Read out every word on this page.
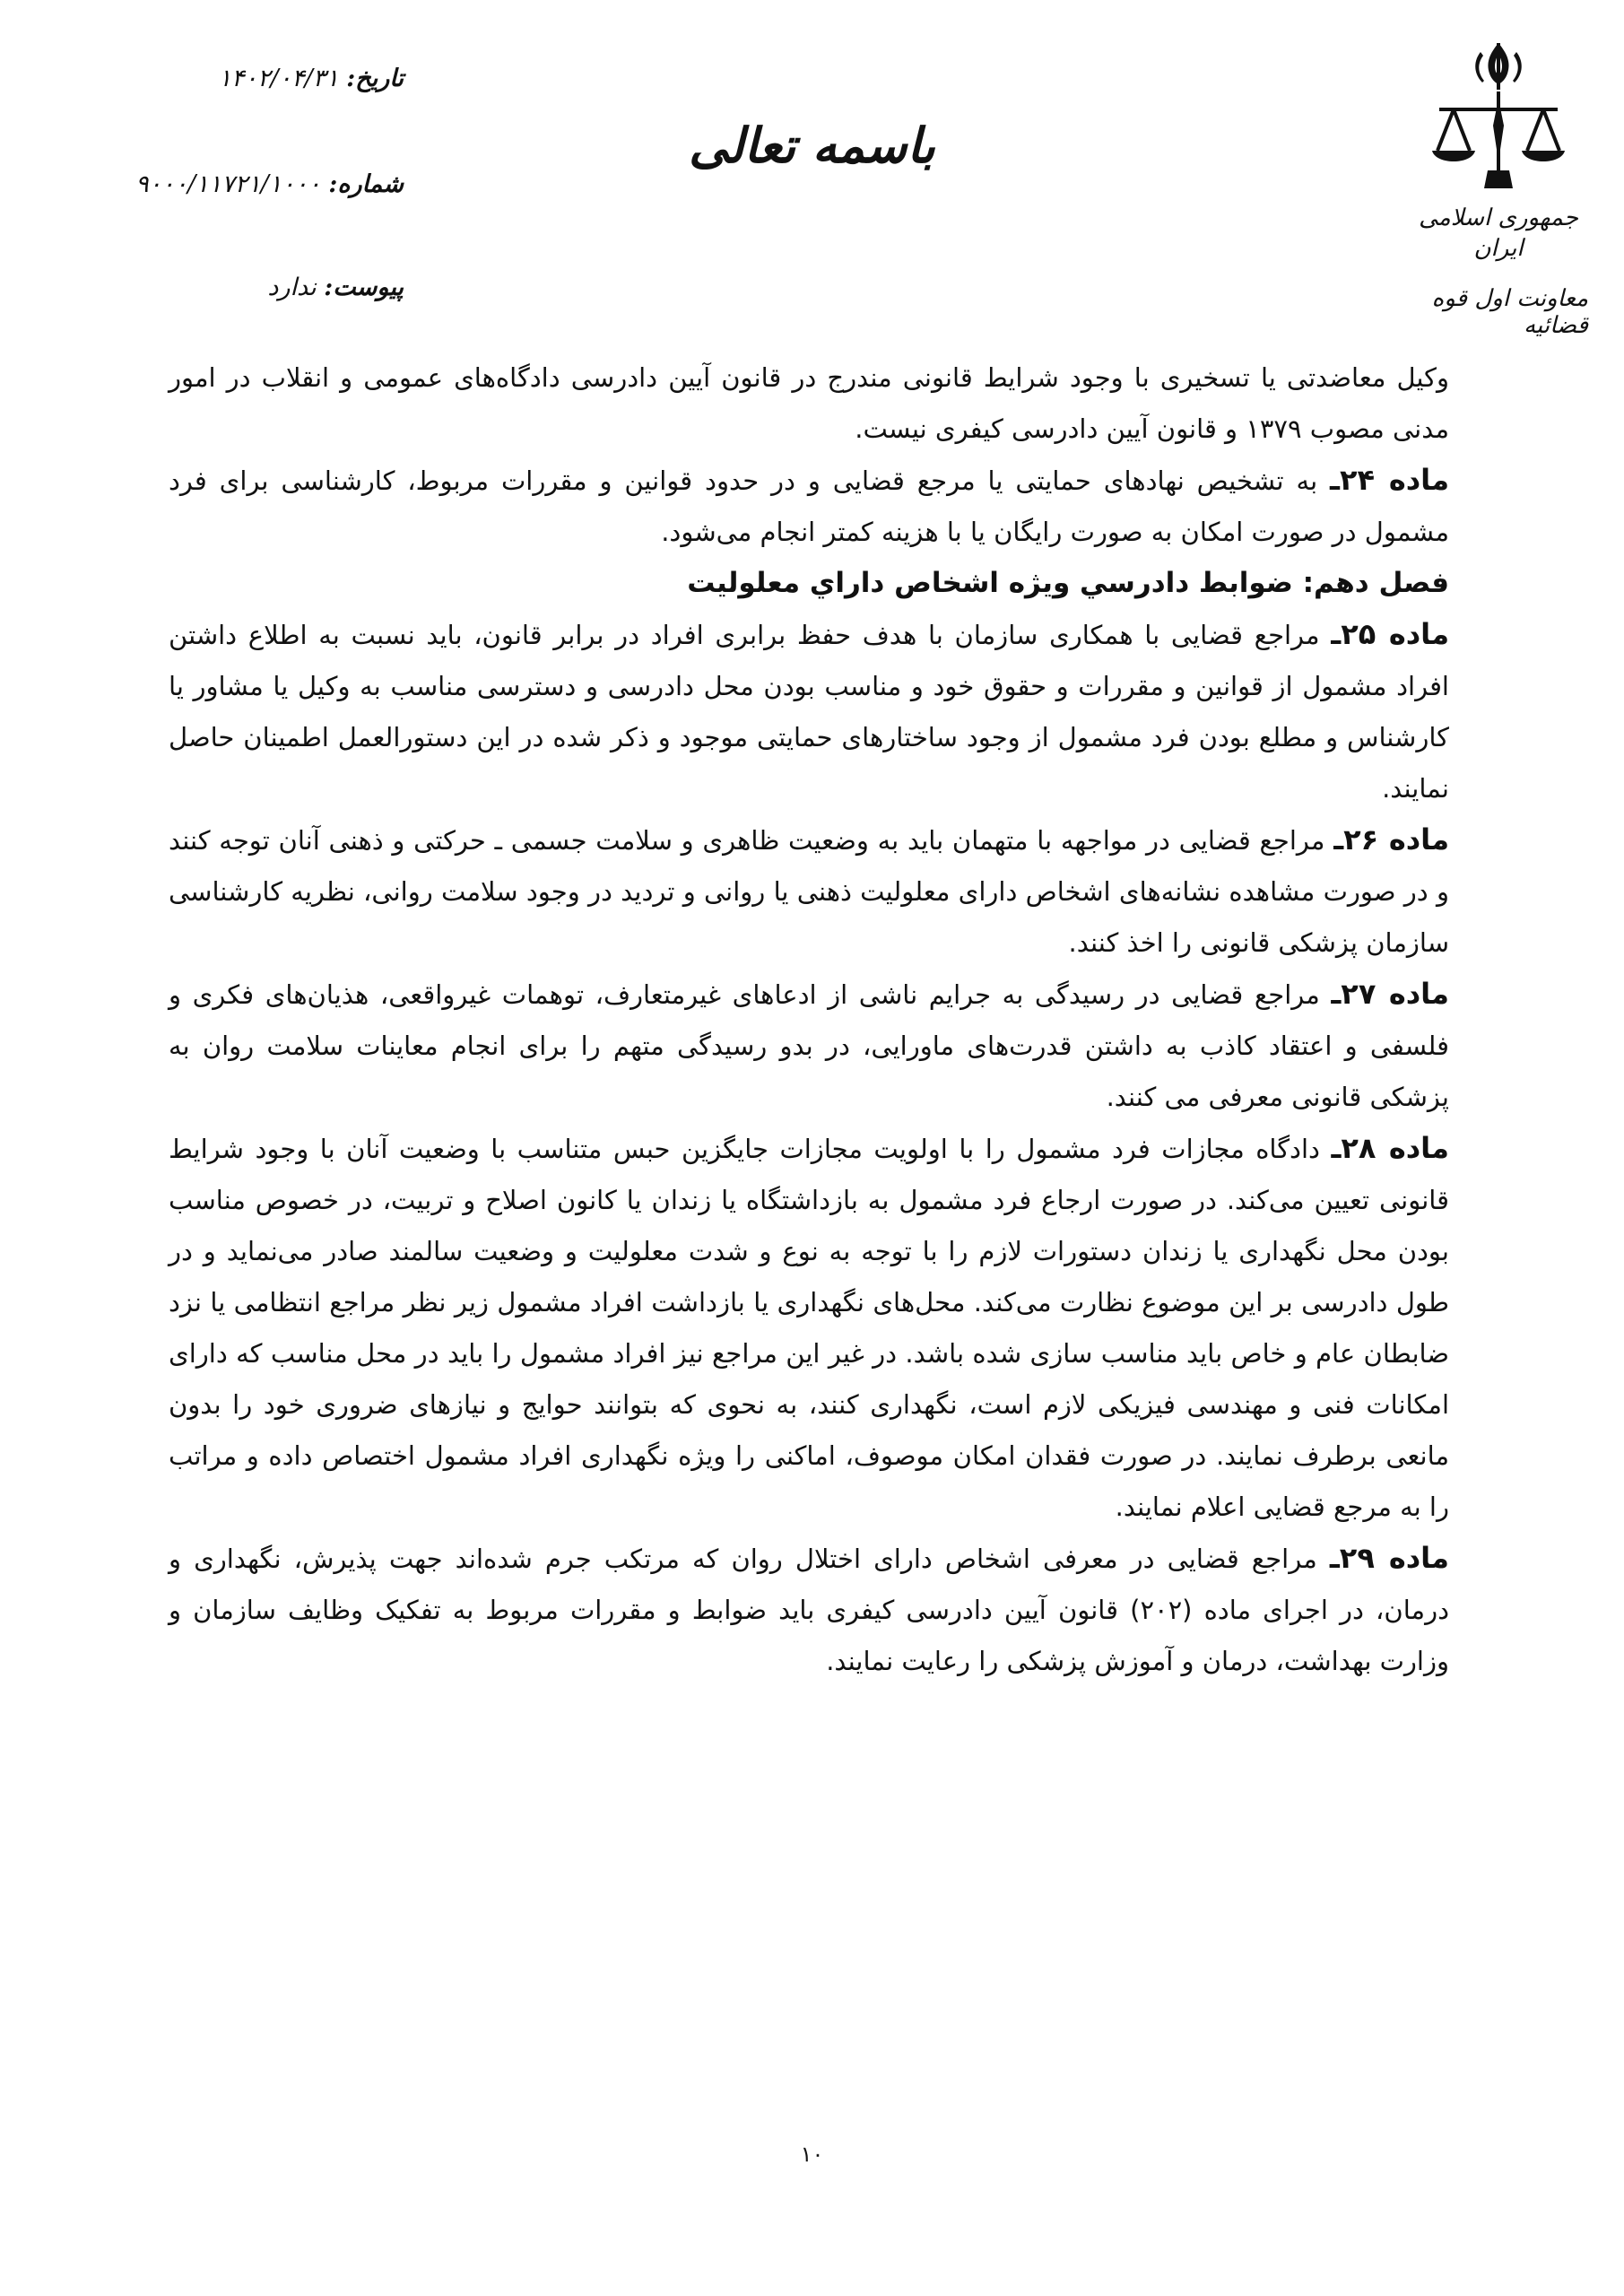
جمهوری اسلامی ایران
معاونت اول قوه قضائیه
باسمه تعالی
تاریخ: ۱۴۰۲/۰۴/۳۱
شماره: ۹۰۰۰/۱۱۷۲۱/۱۰۰۰
پیوست: ندارد

وکیل معاضدتی یا تسخیری با وجود شرایط قانونی مندرج در قانون آیین دادرسی دادگاه‌های عمومی و انقلاب در امور مدنی مصوب ۱۳۷۹ و قانون آیین دادرسی کیفری نیست.

ماده ۲۴ـ به تشخیص نهادهای حمایتی یا مرجع قضایی و در حدود قوانین و مقررات مربوط، کارشناسی برای فرد مشمول در صورت امکان به صورت رایگان یا با هزینه کمتر انجام می‌شود.

فصل دهم: ضوابط دادرسي ويژه اشخاص داراي معلوليت

ماده ۲۵ـ مراجع قضایی با همکاری سازمان با هدف حفظ برابری افراد در برابر قانون، باید نسبت به اطلاع داشتن افراد مشمول از قوانین و مقررات و حقوق خود و مناسب بودن محل دادرسی و دسترسی مناسب به وکیل یا مشاور یا کارشناس و مطلع بودن فرد مشمول از وجود ساختارهای حمایتی موجود و ذکر شده در این دستورالعمل اطمینان حاصل نمایند.

ماده ۲۶ـ مراجع قضایی در مواجهه با متهمان باید به وضعیت ظاهری و سلامت جسمی ـ حرکتی و ذهنی آنان توجه کنند و در صورت مشاهده نشانه‌های اشخاص دارای معلولیت ذهنی یا روانی و تردید در وجود سلامت روانی، نظریه کارشناسی سازمان پزشکی قانونی را اخذ کنند.

ماده ۲۷ـ مراجع قضایی در رسیدگی به جرایم ناشی از ادعاهای غیرمتعارف، توهمات غیرواقعی، هذیان‌های فکری و فلسفی و اعتقاد کاذب به داشتن قدرت‌های ماورایی، در بدو رسیدگی متهم را برای انجام معاینات سلامت روان به پزشکی قانونی معرفی می کنند.

ماده ۲۸ـ دادگاه مجازات فرد مشمول را با اولویت مجازات جایگزین حبس متناسب با وضعیت آنان با وجود شرایط قانونی تعیین می‌کند. در صورت ارجاع فرد مشمول به بازداشتگاه یا زندان یا کانون اصلاح و تربیت، در خصوص مناسب بودن محل نگهداری یا زندان دستورات لازم را با توجه به نوع و شدت معلولیت و وضعیت سالمند صادر می‌نماید و در طول دادرسی بر این موضوع نظارت می‌کند. محل‌های نگهداری یا بازداشت افراد مشمول زیر نظر مراجع انتظامی یا نزد ضابطان عام و خاص باید مناسب سازی شده باشد. در غیر این مراجع نیز افراد مشمول را باید در محل مناسب که دارای امکانات فنی و مهندسی فیزیکی لازم است، نگهداری کنند، به نحوی که بتوانند حوایج و نیازهای ضروری خود را بدون مانعی برطرف نمایند. در صورت فقدان امکان موصوف، اماکنی را ویژه نگهداری افراد مشمول اختصاص داده و مراتب را به مرجع قضایی اعلام نمایند.

ماده ۲۹ـ مراجع قضایی در معرفی اشخاص دارای اختلال روان که مرتکب جرم شده‌اند جهت پذیرش، نگهداری و درمان، در اجرای ماده (۲۰۲) قانون آیین دادرسی کیفری باید ضوابط و مقررات مربوط به تفکیک وظایف سازمان و وزارت بهداشت، درمان و آموزش پزشکی را رعایت نمایند.

۱۰
